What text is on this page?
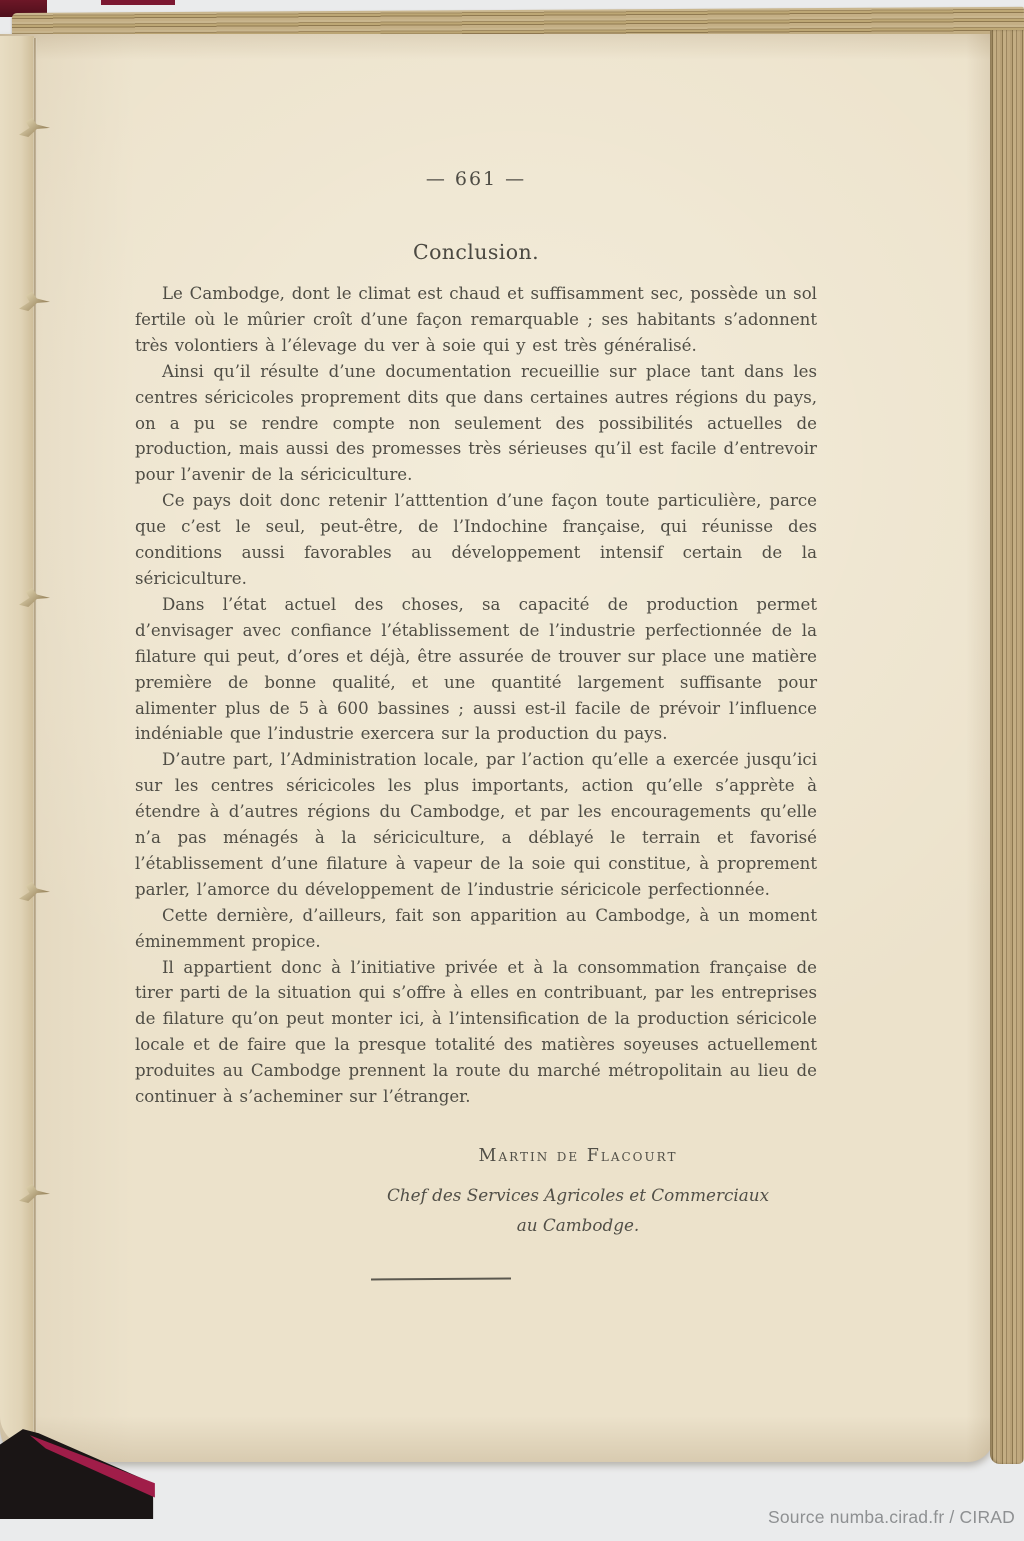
— 661 —
Conclusion.

Le Cambodge, dont le climat est chaud et suffisamment sec, possède un sol fertile où le mûrier croît d’une façon remarquable ; ses habitants s’adonnent très volontiers à l’élevage du ver à soie qui y est très généralisé.

Ainsi qu’il résulte d’une documentation recueillie sur place tant dans les centres séricicoles proprement dits que dans certaines autres régions du pays, on a pu se rendre compte non seulement des possibilités actuelles de production, mais aussi des promesses très sérieuses qu’il est facile d’entrevoir pour l’avenir de la sériciculture.

Ce pays doit donc retenir l’atttention d’une façon toute particulière, parce que c’est le seul, peut-être, de l’Indochine française, qui réunisse des conditions aussi favorables au développement intensif certain de la sériciculture.

Dans l’état actuel des choses, sa capacité de production permet d’envisager avec confiance l’établissement de l’industrie perfectionnée de la filature qui peut, d’ores et déjà, être assurée de trouver sur place une matière première de bonne qualité, et une quantité largement suffisante pour alimenter plus de 5 à 600 bassines ; aussi est-il facile de prévoir l’influence indéniable que l’industrie exercera sur la production du pays.

D’autre part, l’Administration locale, par l’action qu’elle a exercée jusqu’ici sur les centres séricicoles les plus importants, action qu’elle s’apprète à étendre à d’autres régions du Cambodge, et par les encouragements qu’elle n’a pas ménagés à la sériciculture, a déblayé le terrain et favorisé l’établissement d’une filature à vapeur de la soie qui constitue, à proprement parler, l’amorce du développement de l’industrie séricicole perfectionnée.

Cette dernière, d’ailleurs, fait son apparition au Cambodge, à un moment éminemment propice.

Il appartient donc à l’initiative privée et à la consommation française de tirer parti de la situation qui s’offre à elles en contribuant, par les entreprises de filature qu’on peut monter ici, à l’intensification de la production séricicole locale et de faire que la presque totalité des matières soyeuses actuellement produites au Cambodge prennent la route du marché métropolitain au lieu de continuer à s’acheminer sur l’étranger.

Martin de Flacourt
Chef des Services Agricoles et Commerciaux
au Cambodge.
Source numba.cirad.fr / CIRAD
